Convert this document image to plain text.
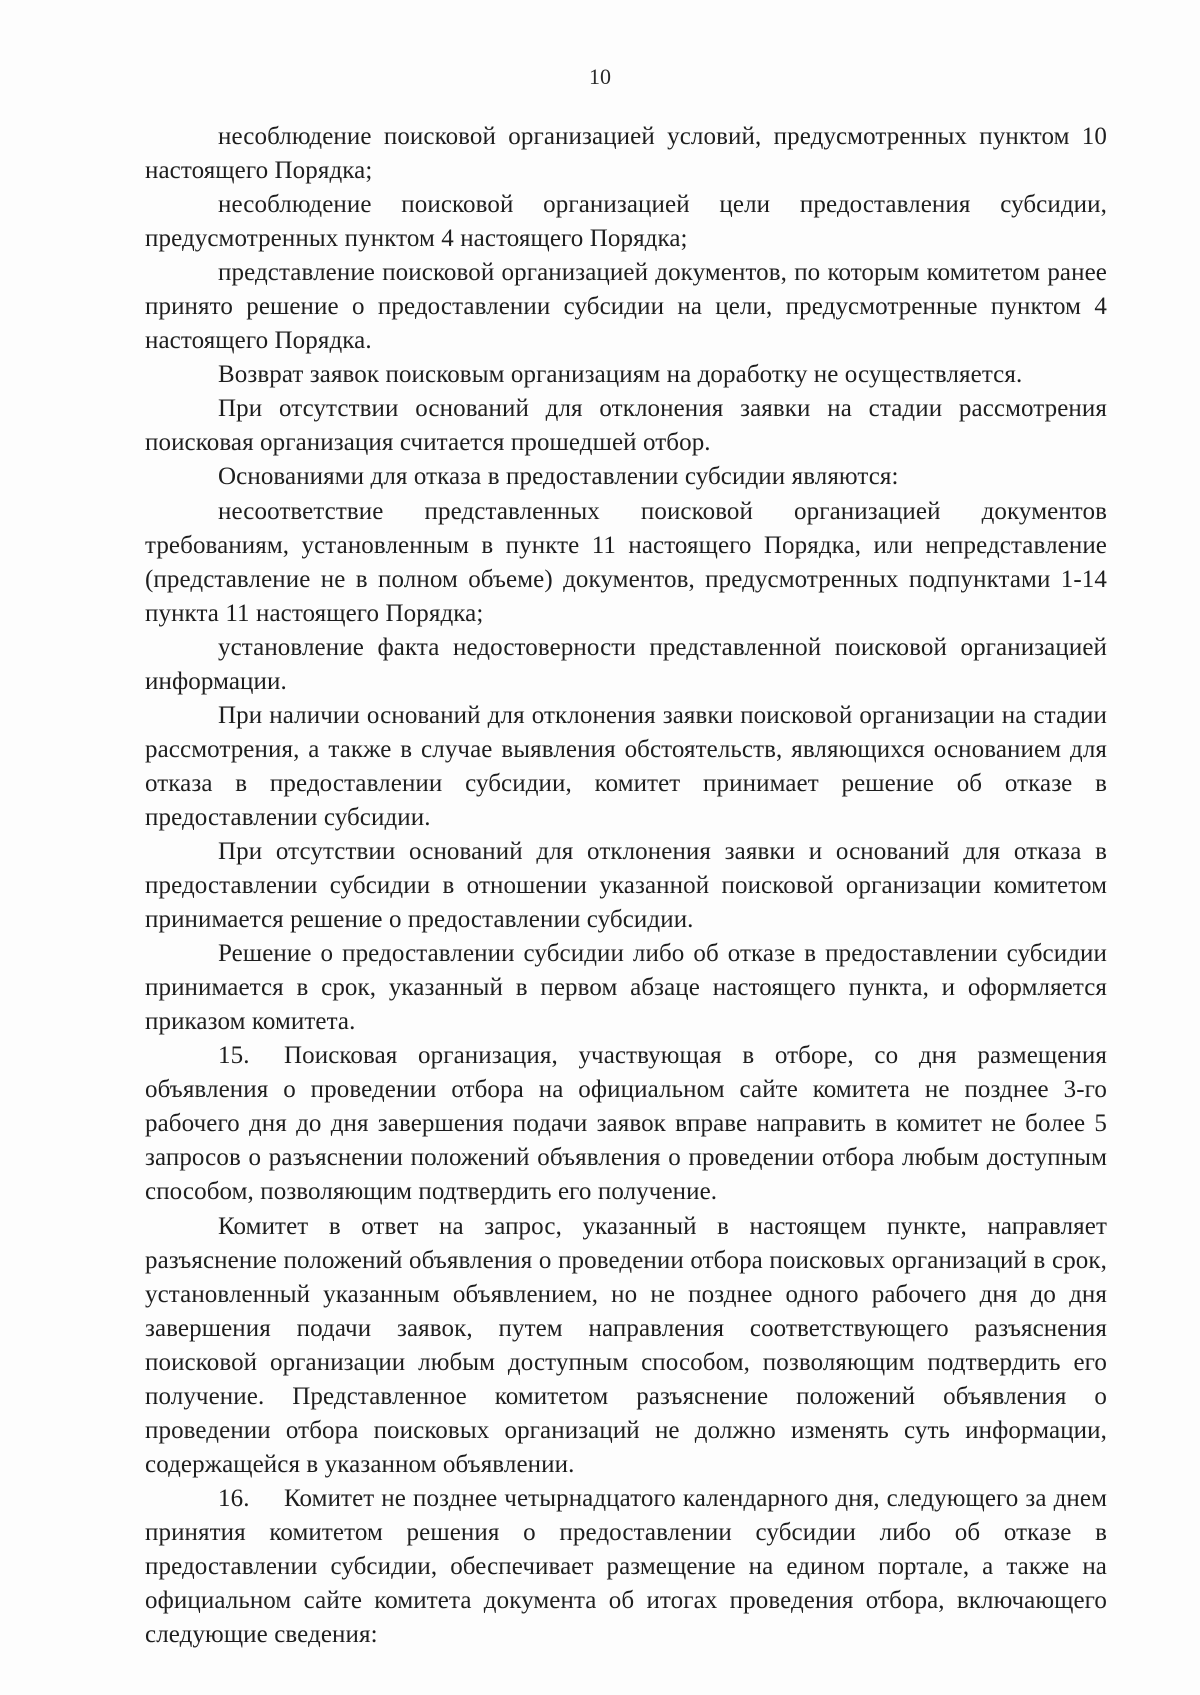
10

несоблюдение поисковой организацией условий, предусмотренных пунктом 10 настоящего Порядка;

несоблюдение поисковой организацией цели предоставления субсидии, предусмотренных пунктом 4 настоящего Порядка;

представление поисковой организацией документов, по которым комитетом ранее принято решение о предоставлении субсидии на цели, предусмотренные пунктом 4 настоящего Порядка.

Возврат заявок поисковым организациям на доработку не осуществляется.

При отсутствии оснований для отклонения заявки на стадии рассмотрения поисковая организация считается прошедшей отбор.

Основаниями для отказа в предоставлении субсидии являются:

несоответствие представленных поисковой организацией документов требованиям, установленным в пункте 11 настоящего Порядка, или непредставление (представление не в полном объеме) документов, предусмотренных подпунктами 1-14 пункта 11 настоящего Порядка;

установление факта недостоверности представленной поисковой организацией информации.

При наличии оснований для отклонения заявки поисковой организации на стадии рассмотрения, а также в случае выявления обстоятельств, являющихся основанием для отказа в предоставлении субсидии, комитет принимает решение об отказе в предоставлении субсидии.

При отсутствии оснований для отклонения заявки и оснований для отказа в предоставлении субсидии в отношении указанной поисковой организации комитетом принимается решение о предоставлении субсидии.

Решение о предоставлении субсидии либо об отказе в предоставлении субсидии принимается в срок, указанный в первом абзаце настоящего пункта, и оформляется приказом комитета.

15. Поисковая организация, участвующая в отборе, со дня размещения объявления о проведении отбора на официальном сайте комитета не позднее 3-го рабочего дня до дня завершения подачи заявок вправе направить в комитет не более 5 запросов о разъяснении положений объявления о проведении отбора любым доступным способом, позволяющим подтвердить его получение.

Комитет в ответ на запрос, указанный в настоящем пункте, направляет разъяснение положений объявления о проведении отбора поисковых организаций в срок, установленный указанным объявлением, но не позднее одного рабочего дня до дня завершения подачи заявок, путем направления соответствующего разъяснения поисковой организации любым доступным способом, позволяющим подтвердить его получение. Представленное комитетом разъяснение положений объявления о проведении отбора поисковых организаций не должно изменять суть информации, содержащейся в указанном объявлении.

16. Комитет не позднее четырнадцатого календарного дня, следующего за днем принятия комитетом решения о предоставлении субсидии либо об отказе в предоставлении субсидии, обеспечивает размещение на едином портале, а также на официальном сайте комитета документа об итогах проведения отбора, включающего следующие сведения:
